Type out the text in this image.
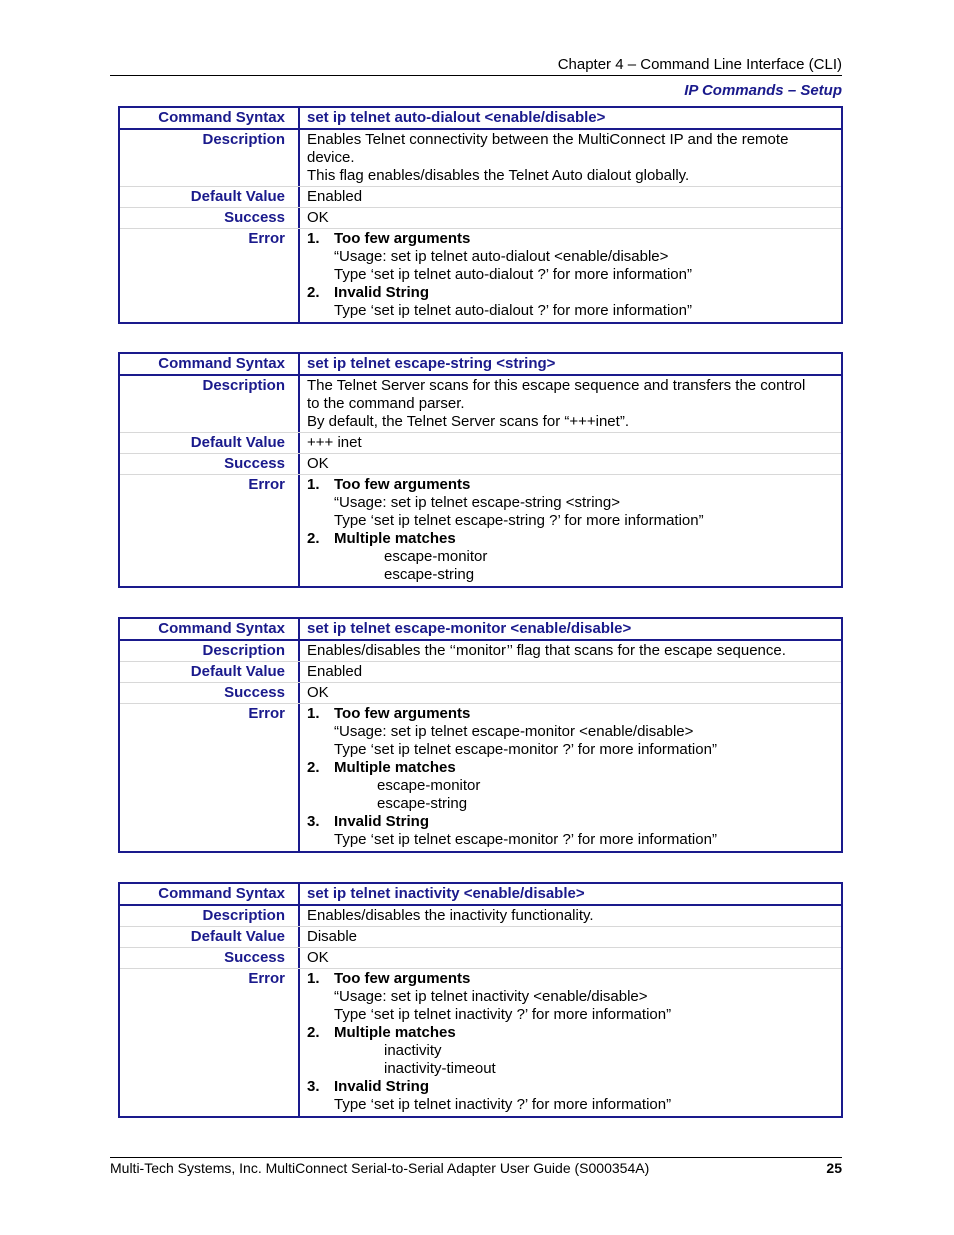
Chapter 4 – Command Line Interface (CLI)
IP Commands – Setup
Command Syntax	set ip telnet auto-dialout <enable/disable>
Description	Enables Telnet connectivity between the MultiConnect IP and the remote
device.
This flag enables/disables the Telnet Auto dialout globally.
Default Value	Enabled
Success	OK
Error	1. Too few arguments
“Usage: set ip telnet auto-dialout <enable/disable>
Type ‘set ip telnet auto-dialout ?’ for more information”
2. Invalid String
Type ‘set ip telnet auto-dialout ?’ for more information”
Command Syntax	set ip telnet escape-string <string>
Description	The Telnet Server scans for this escape sequence and transfers the control
to the command parser.
By default, the Telnet Server scans for “+++inet”.
Default Value	+++ inet
Success	OK
Error	1. Too few arguments
“Usage: set ip telnet escape-string <string>
Type ‘set ip telnet escape-string ?’ for more information”
2. Multiple matches
escape-monitor
escape-string
Command Syntax	set ip telnet escape-monitor <enable/disable>
Description	Enables/disables the ‘‘monitor’’ flag that scans for the escape sequence.
Default Value	Enabled
Success	OK
Error	1. Too few arguments
“Usage: set ip telnet escape-monitor <enable/disable>
Type ‘set ip telnet escape-monitor ?’ for more information”
2. Multiple matches
escape-monitor
escape-string
3. Invalid String
Type ‘set ip telnet escape-monitor ?’ for more information”
Command Syntax	set ip telnet inactivity <enable/disable>
Description	Enables/disables the inactivity functionality.
Default Value	Disable
Success	OK
Error	1. Too few arguments
“Usage: set ip telnet inactivity <enable/disable>
Type ‘set ip telnet inactivity ?’ for more information”
2. Multiple matches
inactivity
inactivity-timeout
3. Invalid String
Type ‘set ip telnet inactivity ?’ for more information”
Multi-Tech Systems, Inc. MultiConnect Serial-to-Serial Adapter User Guide (S000354A)	25
